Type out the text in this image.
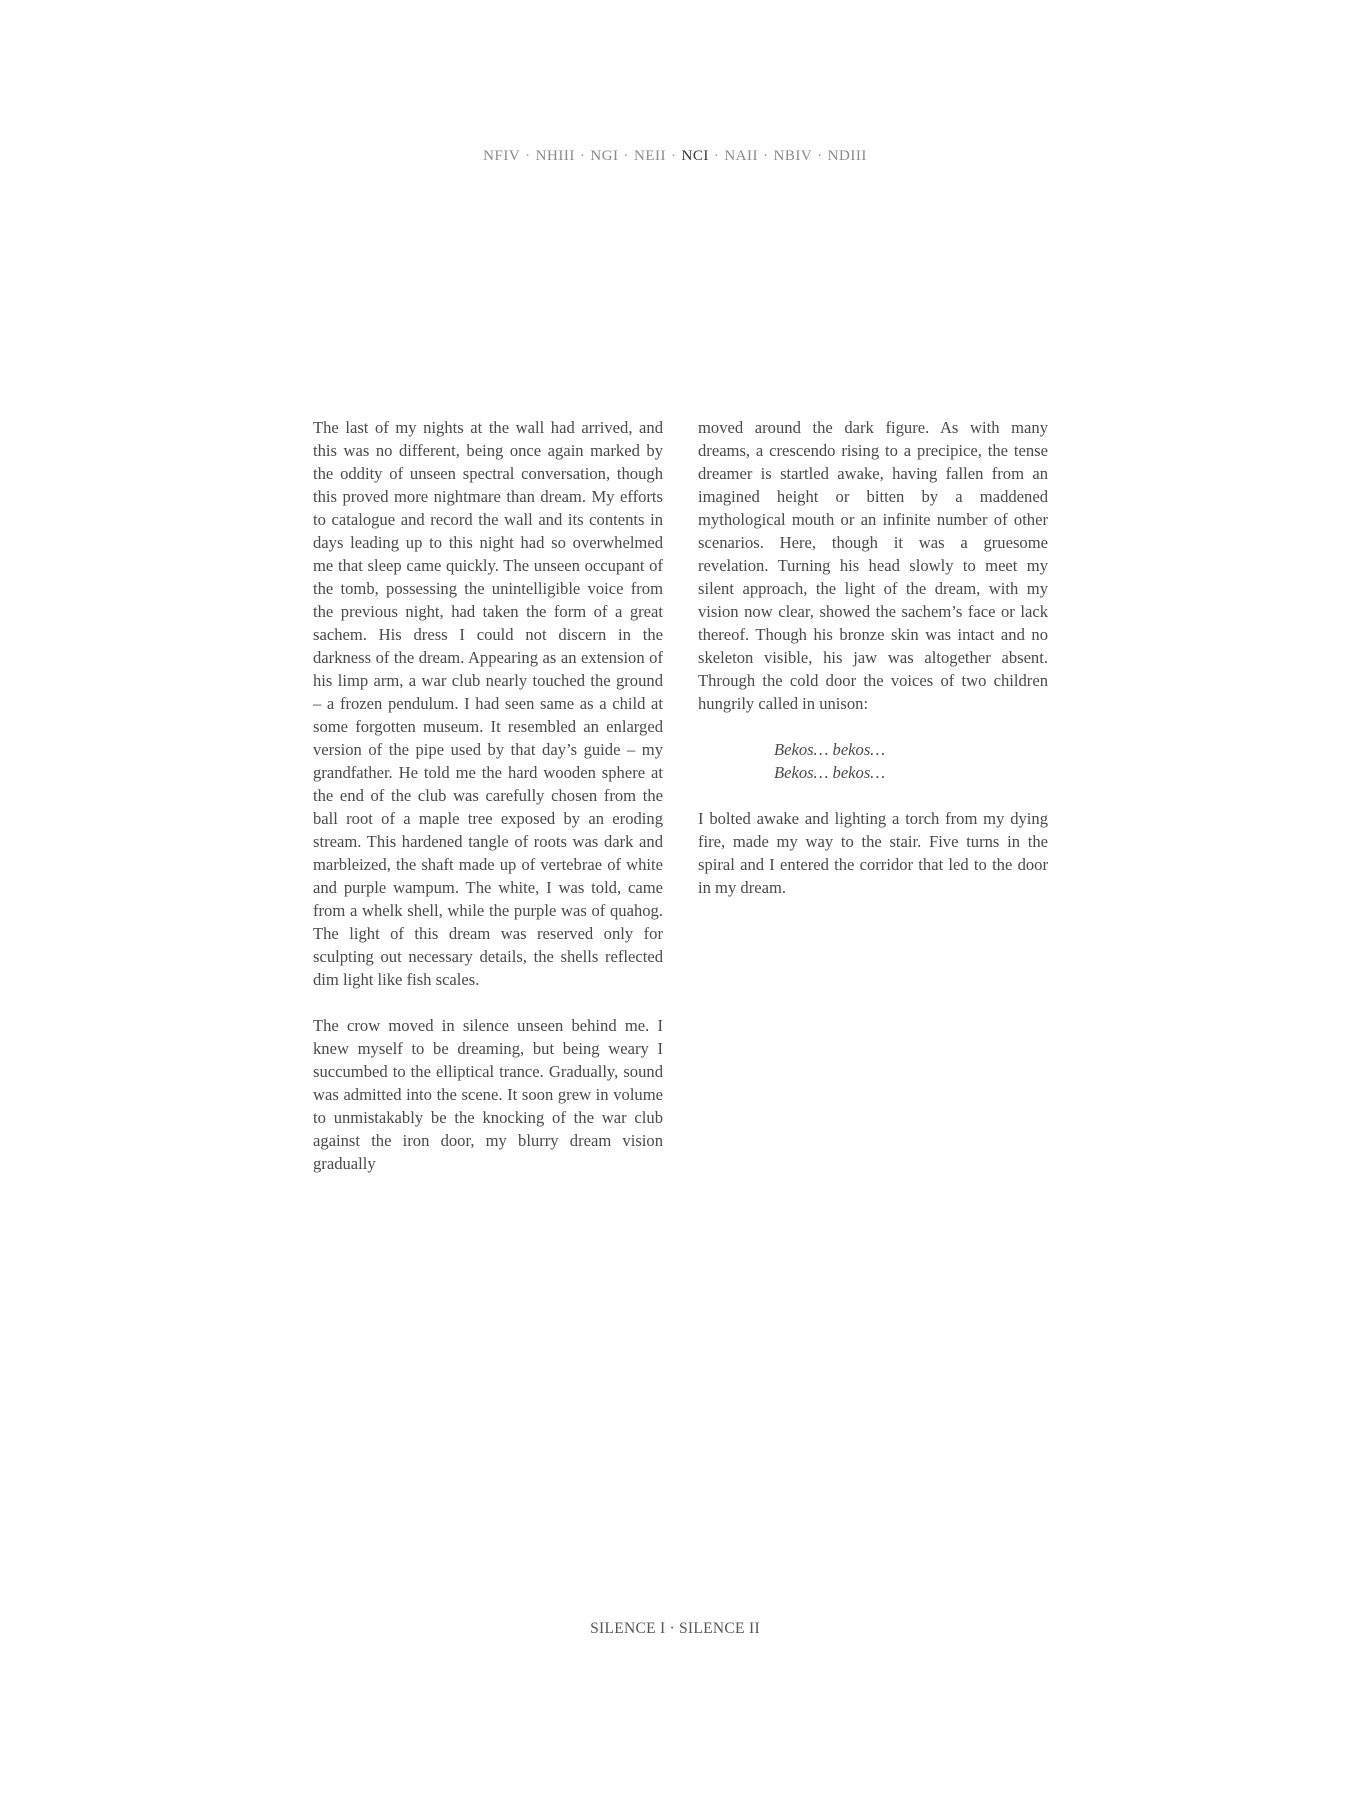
NFIV · NHIII · NGI · NEII · NCI · NAII · NBIV · NDIII

The last of my nights at the wall had arrived, and this was no different, being once again marked by the oddity of unseen spectral conversation, though this proved more nightmare than dream. My efforts to catalogue and record the wall and its contents in days leading up to this night had so overwhelmed me that sleep came quickly. The unseen occupant of the tomb, possessing the unintelligible voice from the previous night, had taken the form of a great sachem. His dress I could not discern in the darkness of the dream. Appearing as an extension of his limp arm, a war club nearly touched the ground – a frozen pendulum. I had seen same as a child at some forgotten museum. It resembled an enlarged version of the pipe used by that day’s guide – my grandfather. He told me the hard wooden sphere at the end of the club was carefully chosen from the ball root of a maple tree exposed by an eroding stream. This hardened tangle of roots was dark and marbleized, the shaft made up of vertebrae of white and purple wampum. The white, I was told, came from a whelk shell, while the purple was of quahog. The light of this dream was reserved only for sculpting out necessary details, the shells reflected dim light like fish scales.

The crow moved in silence unseen behind me. I knew myself to be dreaming, but being weary I succumbed to the elliptical trance. Gradually, sound was admitted into the scene. It soon grew in volume to unmistakably be the knocking of the war club against the iron door, my blurry dream vision gradually

moved around the dark figure. As with many dreams, a crescendo rising to a precipice, the tense dreamer is startled awake, having fallen from an imagined height or bitten by a maddened mythological mouth or an infinite number of other scenarios. Here, though it was a gruesome revelation. Turning his head slowly to meet my silent approach, the light of the dream, with my vision now clear, showed the sachem’s face or lack thereof. Though his bronze skin was intact and no skeleton visible, his jaw was altogether absent. Through the cold door the voices of two children hungrily called in unison:

Bekos… bekos…
Bekos… bekos…

I bolted awake and lighting a torch from my dying fire, made my way to the stair. Five turns in the spiral and I entered the corridor that led to the door in my dream.

SILENCE I · SILENCE II
